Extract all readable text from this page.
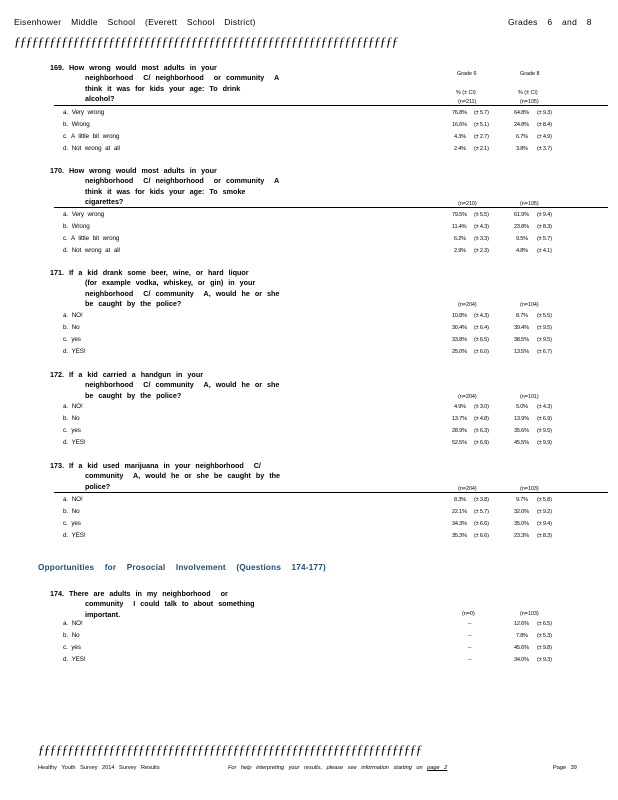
Eisenhower Middle School (Everett School District)	Grades 6 and 8
ƒƒƒƒƒƒƒƒƒƒƒƒƒƒƒƒƒƒƒƒƒƒƒƒƒƒƒƒƒƒƒƒƒƒƒƒƒƒƒƒƒƒƒƒƒƒƒƒƒƒƒƒƒƒƒƒƒƒƒƒƒƒƒƒƒ
169. How wrong would most adults in your
neighborhood  C/ neighborhood  or community  A
think it was for kids your age: To drink
alcohol?
Grade 6	Grade 8
% (± CI)	% (± CI)
(n=211)	(n=105)
a. Very wrong	76.8% (± 5.7)	64.8% (± 9.3)
b. Wrong	16.6% (± 5.1)	24.8% (± 8.4)
c. A little bit wrong	4.3% (± 2.7)	6.7% (± 4.9)
d. Not wrong at all	2.4% (± 2.1)	3.8% (± 3.7)
170. How wrong would most adults in your
neighborhood  C/ neighborhood  or community  A
think it was for kids your age: To smoke
cigarettes?	(n=210)	(n=105)
a. Very wrong	79.5% (± 5.5)	61.9% (± 9.4)
b. Wrong	11.4% (± 4.3)	23.8% (± 8.3)
c. A little bit wrong	6.2% (± 3.3)	9.5% (± 5.7)
d. Not wrong at all	2.9% (± 2.3)	4.8% (± 4.1)
171. If a kid drank some beer, wine, or hard liquor
(for example vodka, whiskey, or gin) in your
neighborhood  C/ community  A, would he or she
be caught by the police?	(n=204)	(n=104)
a. NO!	10.8% (± 4.3)	8.7% (± 5.5)
b. No	30.4% (± 6.4)	39.4% (± 9.5)
c. yes	33.8% (± 6.5)	38.5% (± 9.5)
d. YES!	25.0% (± 6.0)	13.5% (± 6.7)
172. If a kid carried a handgun in your
neighborhood  C/ community  A, would he or she
be caught by the police?	(n=204)	(n=101)
a. NO!	4.9% (± 3.0)	5.0% (± 4.3)
b. No	13.7% (± 4.8)	13.9% (± 6.9)
c. yes	28.9% (± 6.3)	35.6% (± 9.5)
d. YES!	52.5% (± 6.9)	45.5% (± 9.9)
173. If a kid used marijuana in your neighborhood  C/
community  A, would he or she be caught by the
police?	(n=204)	(n=103)
a. NO!	8.3% (± 3.8)	9.7% (± 5.8)
b. No	22.1% (± 5.7)	32.0% (± 9.2)
c. yes	34.3% (± 6.6)	35.0% (± 9.4)
d. YES!	35.3% (± 6.6)	23.3% (± 8.3)
Opportunities for Prosocial Involvement (Questions 174-177)
174. There are adults in my neighborhood  or
community  I could talk to about something
important.	(n=0)	(n=103)
a. NO!	--	12.6% (± 6.5)
b. No	--	7.8% (± 5.3)
c. yes	--	45.6% (± 9.8)
d. YES!	--	34.0% (± 9.3)
ƒƒƒƒƒƒƒƒƒƒƒƒƒƒƒƒƒƒƒƒƒƒƒƒƒƒƒƒƒƒƒƒƒƒƒƒƒƒƒƒƒƒƒƒƒƒƒƒƒƒƒƒƒƒƒƒƒƒƒƒƒƒƒƒƒ
Healthy Youth Survey 2014 Survey Results	For help interpreting your results, please see information starting on page 2	Page 39
